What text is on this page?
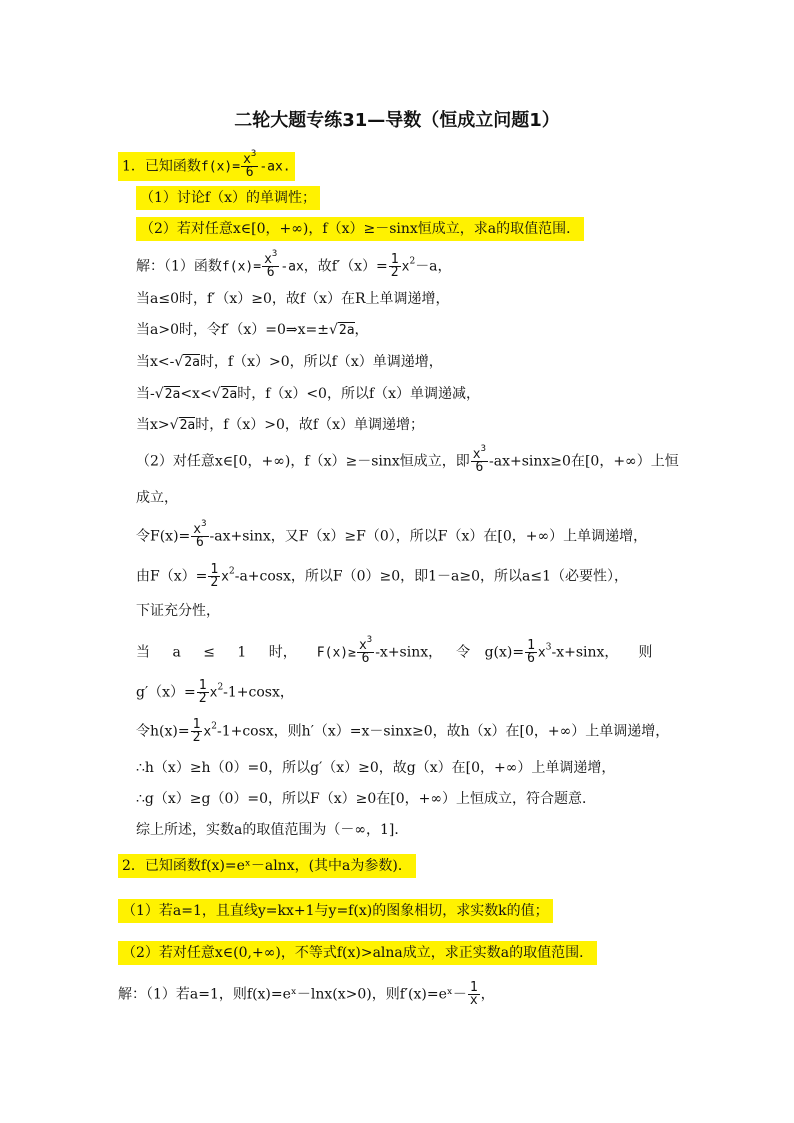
二轮大题专练31—导数（恒成立问题1）
1．已知函数$f(x)= \frac{x^3}{6} -ax$.
（1）讨论f（x）的单调性；
（2）若对任意x∈[0，+∞)，f（x）≥－sinx恒成立，求a的取值范围．
解：（1）函数$f(x)= \frac{x^3}{6} -ax$，故$f'(x)= \frac{1}{2} x^2-a$，
当a≤0时，f′（x）≥0，故f（x）在R上单调递增，
当a>0时，令f′（x）=0⇒x=±√2a，
当x<-√2a时，f（x）>0，所以f（x）单调递增，
当-√2a<x<√2a时，f（x）<0，所以f（x）单调递减，
当x>√2a时，f（x）>0，故f（x）单调递增；
（2）对任意x∈[0，+∞)，f（x）≥－sinx恒成立，即 $\frac{x^3}{6} -ax+\sin x\ge 0$在[0，+∞）上恒
成立，
令$F(x)= \frac{x^3}{6} -ax+\sin x$，又F（x）≥F（0），所以F（x）在[0，+∞）上单调递增，
由$F(x)= \frac{1}{2} x^2-a+\cos x$，所以F（0）≥0，即1－a≥0，所以a≤1（必要性），
下证充分性，
当 a ≤ 1 时， $F(x)\ge \frac{x^3}{6} -x+\sin x$， 令 $g(x)= \frac{1}{6} x^3-x+\sin x$， 则
$g'(x)= \frac{1}{2} x^2-1+\cos x$，
令$h(x)= \frac{1}{2} x^2-1+\cos x$，则h′（x）=x－sinx≥0，故h（x）在[0，+∞）上单调递增，
∴h（x）≥h（0）=0，所以g′（x）≥0，故g（x）在[0，+∞）上单调递增，
∴g（x）≥g（0）=0，所以F（x）≥0在[0，+∞）上恒成立，符合题意．
综上所述，实数a的取值范围为（－∞，1]．
2．已知函数f(x)=eˣ－alnx，(其中a为参数)．
（1）若a=1，且直线y=kx+1与y=f(x)的图象相切，求实数k的值；
（2）若对任意x∈(0,+∞)，不等式f(x)>alna成立，求正实数a的取值范围．
解：（1）若a=1，则f(x)=eˣ－lnx(x>0)，则f′(x)=eˣ－ $\frac{1}{x}$ ，
